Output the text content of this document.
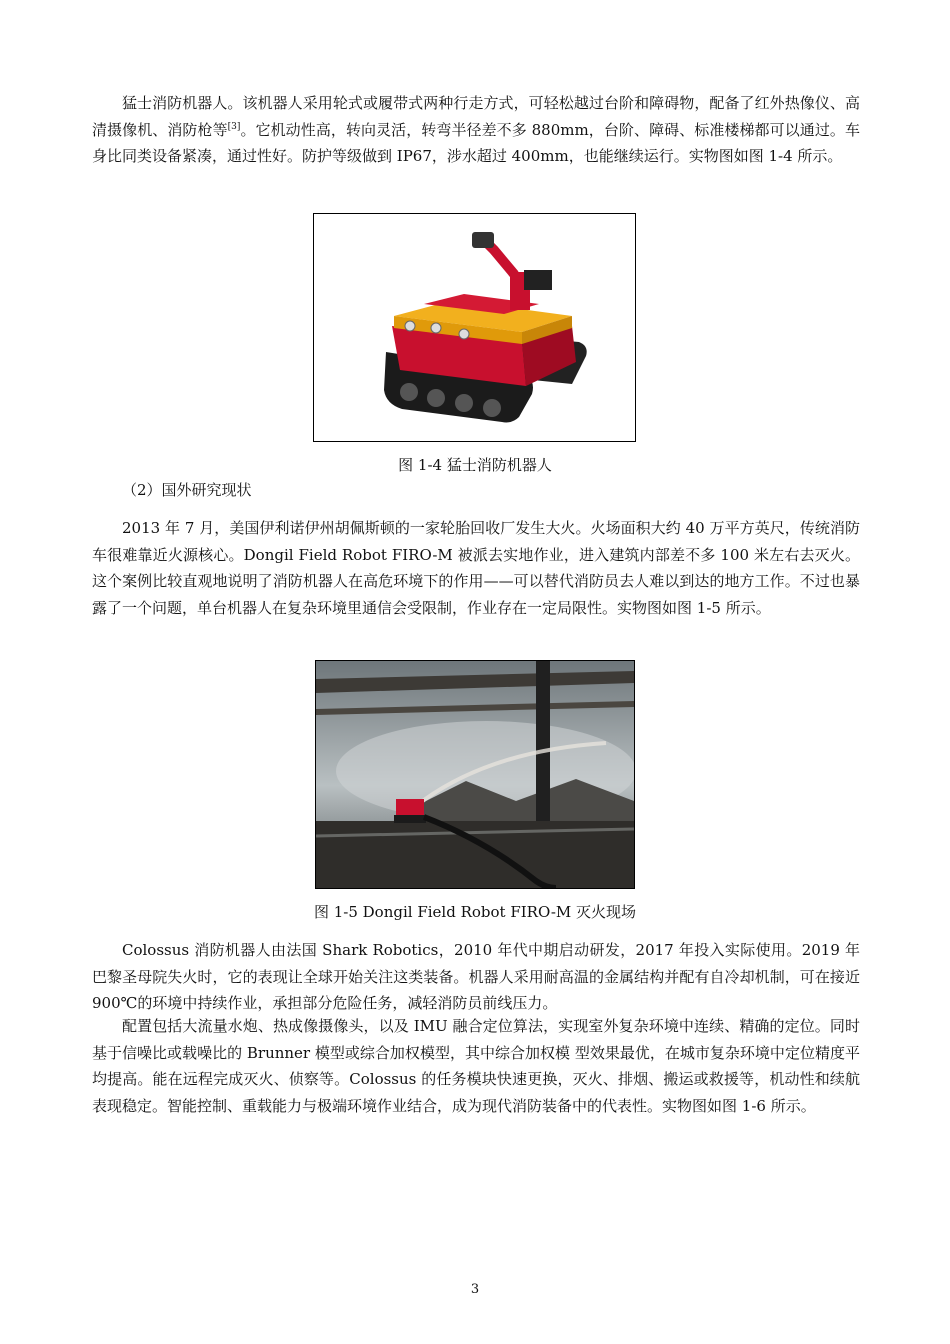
猛士消防机器人。该机器人采用轮式或履带式两种行走方式，可轻松越过台阶和障碍物，配备了红外热像仪、高清摄像机、消防枪等[3]。它机动性高，转向灵活，转弯半径差不多 880mm，台阶、障碍、标准楼梯都可以通过。车身比同类设备紧凑，通过性好。防护等级做到 IP67，涉水超过 400mm，也能继续运行。实物图如图 1-4 所示。

图 1-4 猛士消防机器人

（2）国外研究现状

2013 年 7 月，美国伊利诺伊州胡佩斯顿的一家轮胎回收厂发生大火。火场面积大约 40 万平方英尺，传统消防车很难靠近火源核心。Dongil Field Robot FIRO-M 被派去实地作业，进入建筑内部差不多 100 米左右去灭火。这个案例比较直观地说明了消防机器人在高危环境下的作用——可以替代消防员去人难以到达的地方工作。不过也暴露了一个问题，单台机器人在复杂环境里通信会受限制，作业存在一定局限性。实物图如图 1-5 所示。

图 1-5 Dongil Field Robot FIRO-M 灭火现场

Colossus 消防机器人由法国 Shark Robotics，2010 年代中期启动研发，2017 年投入实际使用。2019 年巴黎圣母院失火时，它的表现让全球开始关注这类装备。机器人采用耐高温的金属结构并配有自冷却机制，可在接近 900℃的环境中持续作业，承担部分危险任务，减轻消防员前线压力。

配置包括大流量水炮、热成像摄像头，以及 IMU 融合定位算法，实现室外复杂环境中连续、精确的定位。同时基于信噪比或载噪比的 Brunner 模型或综合加权模型，其中综合加权模 型效果最优，在城市复杂环境中定位精度平均提高。能在远程完成灭火、侦察等。Colossus 的任务模块快速更换，灭火、排烟、搬运或救援等，机动性和续航表现稳定。智能控制、重载能力与极端环境作业结合，成为现代消防装备中的代表性。实物图如图 1-6 所示。

3
